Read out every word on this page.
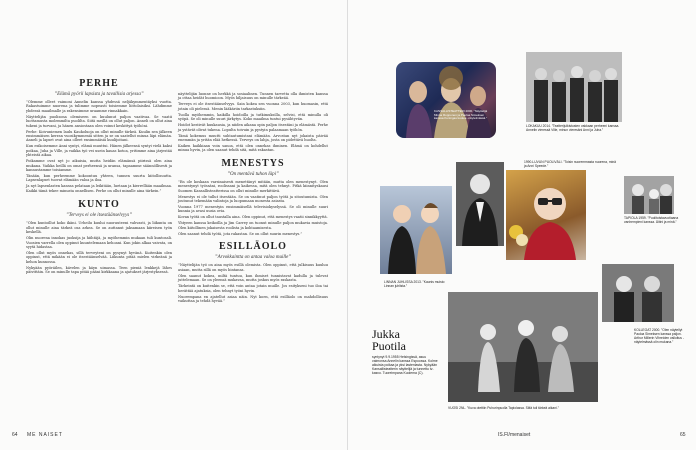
PERHE
”Elämä pyörii lapsista ja tavallisia arjessa”

”Olemme olleet vaimoni Annelin kanssa yhdessä neljäkymmentäyksi vuotta. Rakastuimme nuorena ja tulimme nopeasti toisiemme liittolaisiksi. Lähdimme yhdessä maailmalle ja rakensimme uraamme rinnakkain.

Näyttelijän puolisona olemiseen on kuulunut paljon vaativaa. Se vaatii luottamusta molemmilta puolilta. Siitä meillä on ollut paljon. Anneli on ollut aina tukeni ja turvani, ja hänen ansiostaan olen voinut keskittyä työhöni.

Perhe: Koivuniemen laulu Kaukoluoja on ollut minulle tärkeä. Kuulin sen jälkeen ensimmäisen kerran vuosikymmeniä sitten ja se on saatellut minua läpi elämän. Anneli ja lapset ovat aina olleet ensimmäisiä kuulijoitani.

Kun esikoisemme Anni syntyi, elämä muuttui. Hänen jälkeensä syntyi vielä kaksi poikaa, Juha ja Ville, ja vaikka työ vei usein kauas kotoa, yritimme aina järjestää yhteistä aikaa.

Poikamme ovat nyt jo aikuisia, mutta heidän elämänsä piirissä olen aina mukana. Vaikka heillä on omat perheensä ja uransa, tapaamme säännöllisesti ja kannustamme toisiamme.

Tänään, kun perheemme kokoontuu yhteen, tunnen suurta kiitollisuutta. Lapsenlapset tuovat elämään valoa ja iloa.

Ja nyt lapsenlasten kanssa pelataan ja leikitään, luetaan ja kierrellään maailmaa. Kaikki tämä tekee minusta onnellisen. Perhe on ollut minulle aina tärkein.”

KUNTO
”Terveys ei ole itsestäänselvyys”

”Olen kuntoillut koko ikäni. Urheilu kuului nuoruuteeni vahvasti, ja liikunta on ollut minulle aina tärkeä osa arkea. Se on auttanut jaksamaan kiireisen työn keskellä.

Olin nuorena innokas juoksija ja hiihtäjä, ja myöhemmin mukaan tuli kuntosali. Vuosien varrella olen oppinut kuuntelemaan kehoani. Kun jokin alkaa vaivata, on syytä hidastaa.

Olen ollut myös onnekas, sillä terveyteni on pysynyt hyvänä. Kuitenkin olen oppinut, että mikään ei ole itsestäänselvää. Liikunta pitää mielen virkeänä ja kehon kunnossa.

Nykyään pyöräilen, kävelen ja käyn uimassa. Teen pieniä lenkkejä lähes päivittäin. Se on minulle tapa pitää pääni kirkkaana ja ajatukset järjestyksessä.

näyttelijän luonne on herkkä ja sosiaalinen. Tunnen tarvetta olla ihmisten kanssa ja ottaa heidät huomioon. Myös hiljaisuus on minulle tärkeää.

Terveys ei ole itsestäänselvyys. Sain kokea sen vuonna 2003, kun huomasin, että jotain oli pielessä. Menin lääkäriin tarkastuksiin.

Tuolla myöhemmin, kaikilla hoidoilla ja tutkimuksilla, selvisi, että minulla oli syöpä. Se oli minulle suuri järkytys. Koko maailma tuntui pysähtyvän.

Hoidot kestivät kuukausia, ja niiden aikana opin paljon itsestäni ja elämästä. Perhe ja ystävät olivat tukena. Lopulta toivuin ja pystyin palaamaan työhön.

Tämä kokemus muutti suhtautumistani elämään. Arvostan nyt jokaista päivää enemmän ja yritän elää hetkessä. Terveys on lahja, josta on pidettävä huolta.

Kaiken kaikkiaan voin sanoa, että olen onnekas ihminen. Elämä on kohdellut minua hyvin, ja olen saanut tehdä sitä, mitä rakastan.

MENESTYS
”On mentävä tuhon läpi”

”En ole koskaan varsinaisesti menettänyt mitään, mutta olen menestynyt. Olen menestynyt työssäni, roolissani ja kaikessa, mitä olen tehnyt. Pitkä kiinnityskausi Suomen Kansallisteatterissa on ollut minulle merkittävä.

Menestys ei ole tullut itsestään. Se on vaatinut paljon työtä ja sitoutumista. Olen joutunut tekemään valintoja ja luopumaan monesta asiasta.

Vuonna 1977 menestyin ensimmäisellä televisiokyselyssä. Se oli minulle suuri kunnia ja avasi uusia ovia.

Kovan työtä on ollut taustalla aina. Olen oppinut, että menestys vaatii sinnikkyyttä.

Yhtyeen kanssa keikoilla ja Jim Carrey on tuonut minulle paljon mukavia muistoja. Olen kiitollinen jokaisesta roolista ja kohtaamisesta.

Olen saanut tehdä työtä, jota rakastan. Se on ollut suurin menestys.”

ESILLÄOLO
”Arvokkaintta on antaa valoa muille”

”Näyttelijän työ on aina myös esillä olemista. Olen oppinut, että julkisuus kuuluu asiaan, mutta sillä on myös hintansa.

Olen saanut kokea, miltä tuntuu, kun ihmiset tunnistavat kadulla ja tulevat juttelemaan. Se on yleensä mukavaa, mutta joskus myös raskasta.

Tärkeintä on kuitenkin se, että voin antaa jotain muille. Jos esitykseni tuo iloa tai herättää ajatuksia, olen tehnyt työni hyvin.

Nuorempana en ajatellut asiaa näin. Nyt koen, että esilläolo on mahdollisuus vaikuttaa ja tehdä hyvää.”

64 ME NAISET
KANSALLISTEATTERI 2000. ”Näyttelijä Minna Ropponen ja Pauloa Simeksen kanssa Kuningas kuolee -näytelmässä.”
LOKAKUU 2014. ”Teatterijulkistusten vakkaan perheeni kanssa. Annelin vieressä Ville, minun vieresäni Anni ja Juha.”
1990-LUVUN PUOLIVÄLI. ”Toisin nuoremmasta nuorena, minä ja Anni Speede.”
TAPIOLA 1959. ”Puolitoistavuotiaana vanhempieni kanssa. Äitini ja minä.”
LINNAN JUHLISSA 2013. ”Kaunis muisto Linnan juhlista.”
Jukka
Puotila
syntynyt 9.9.1955 Helsingissä, asuu vaimonsa Annelin kanssa Espoossa. Kolme aikuista poikaa ja yksi lastenlasta. Nykyään Kansallisteatterin näyttelijä ja tunnettu tv-kasvo. Tuoreimpana Kuolema (C).
KOLLEGAT 2000. ”Olen näytellyt Pauloa Simeksen kanssa paljon. Arthur Millerin Vihreiden valloitus -näytelmässä olin mukana.”
VUOSI 2NL. ”Kuva otettiin Puhurinpuolla Tapiolassa. Siitä tuli tärkeä aikani.”
IS.FI/menaiset	65
